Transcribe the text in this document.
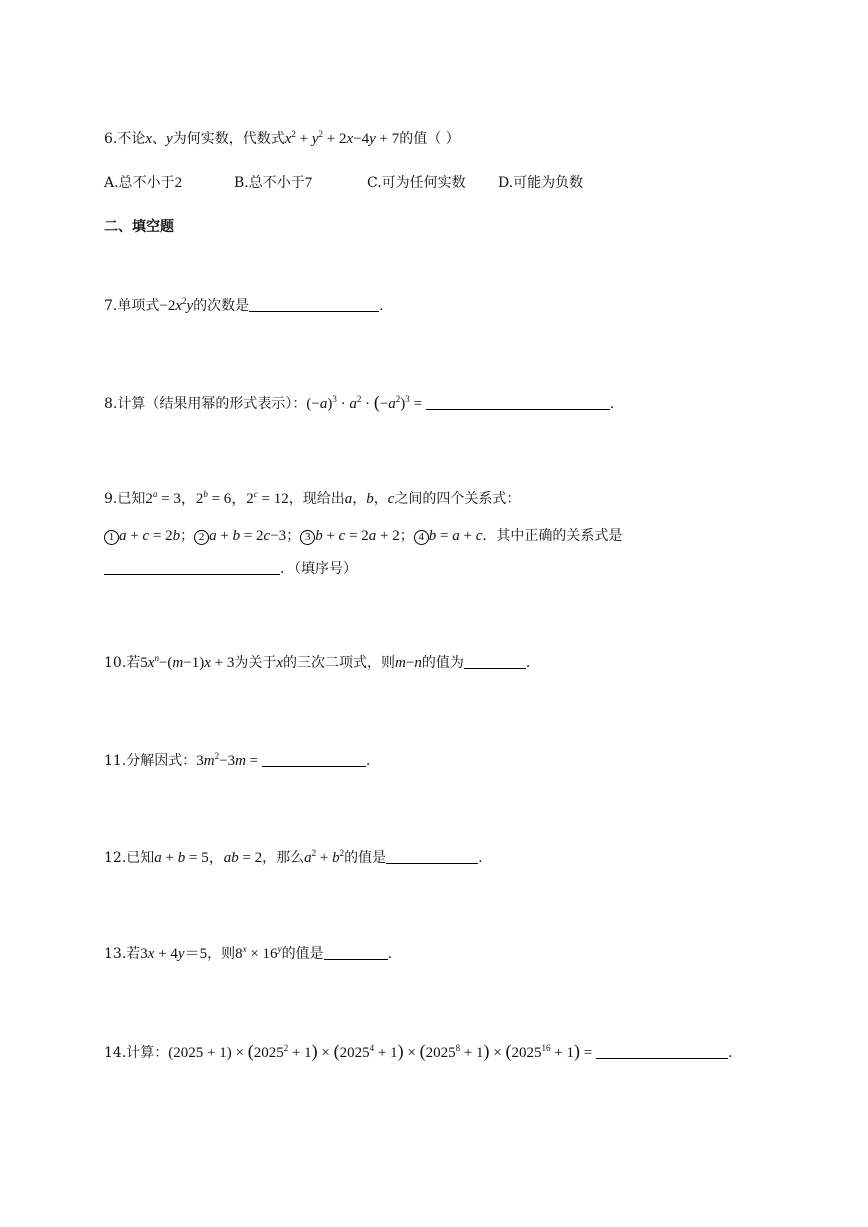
6.不论x、y为何实数，代数式$x^2 + y^2 + 2x-4y + 7$的值（ ）
A.总不小于2	B.总不小于7	C.可为任何实数 D.可能为负数
二、填空题
7.单项式$-2x^2y$的次数是	.
8.计算（结果用幂的形式表示）：$(-a)^3 \cdot a^2 \cdot (-a^2)^3$ =	.
9.已知$2^a = 3$，$2^b = 6$，$2^c = 12$，现给出a，b，c之间的四个关系式：
1 a + c = 2b； 2 a + b = 2c−3； 3 b + c = 2a + 2； 4 b = a + c．其中正确的关系式是
．（填序号）
10.若$5x^n-(m-1)x + 3$为关于x的三次二项式，则m−n的值为	.
11.分解因式：$3m^2-3m$ =	.
12.已知a + b = 5，ab = 2，那么$a^2 + b^2$的值是	.
13.若3x + 4y＝5，则$8^x \times 16^y$的值是	.
14.计算：$(2025 + 1) \times (2025^2 + 1) \times (2025^4 + 1) \times (2025^8 + 1) \times (2025^{16} + 1)$ =	.
